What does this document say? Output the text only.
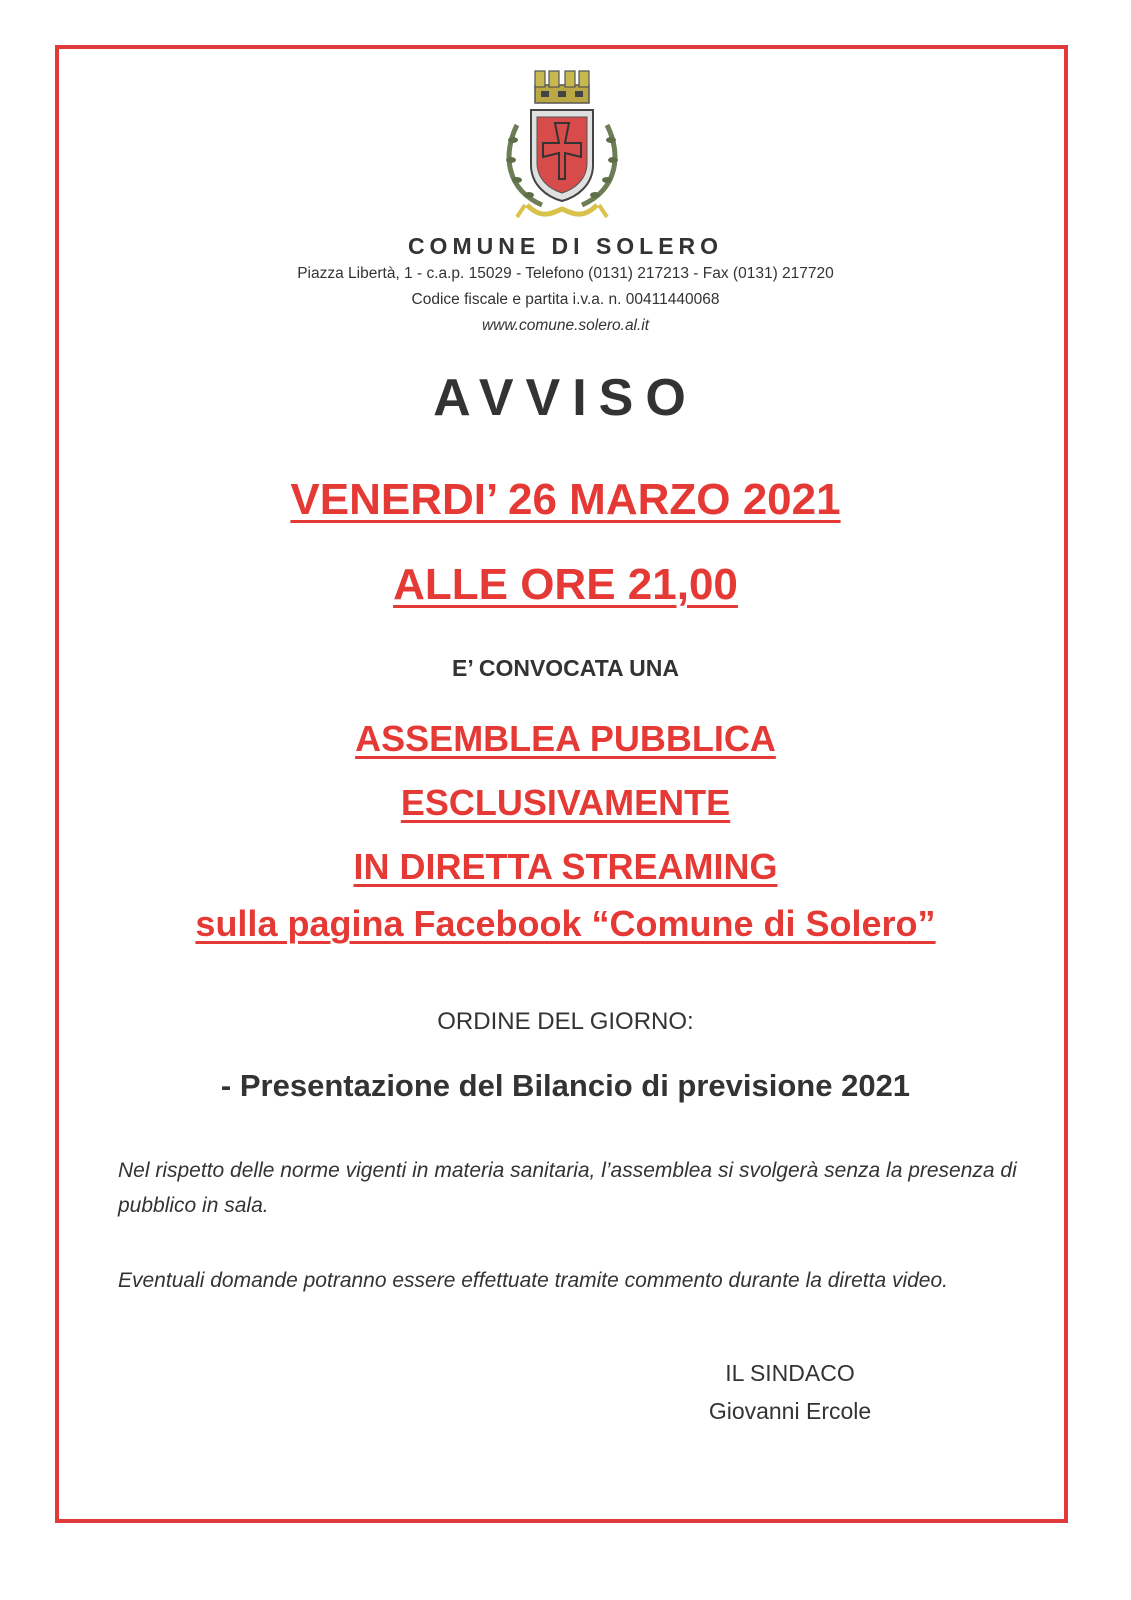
COMUNE DI SOLERO
Piazza Libertà, 1 - c.a.p. 15029 - Telefono (0131) 217213 - Fax (0131) 217720
Codice fiscale e partita i.v.a. n. 00411440068
www.comune.solero.al.it
AVVISO
VENERDI’ 26 MARZO 2021
ALLE ORE 21,00
E’ CONVOCATA UNA
ASSEMBLEA PUBBLICA
ESCLUSIVAMENTE
IN DIRETTA STREAMING
sulla pagina Facebook “Comune di Solero”
ORDINE DEL GIORNO:
- Presentazione del Bilancio di previsione 2021
Nel rispetto delle norme vigenti in materia sanitaria, l’assemblea si svolgerà senza la presenza di pubblico in sala.
Eventuali domande potranno essere effettuate tramite commento durante la diretta video.
IL SINDACO
Giovanni Ercole
